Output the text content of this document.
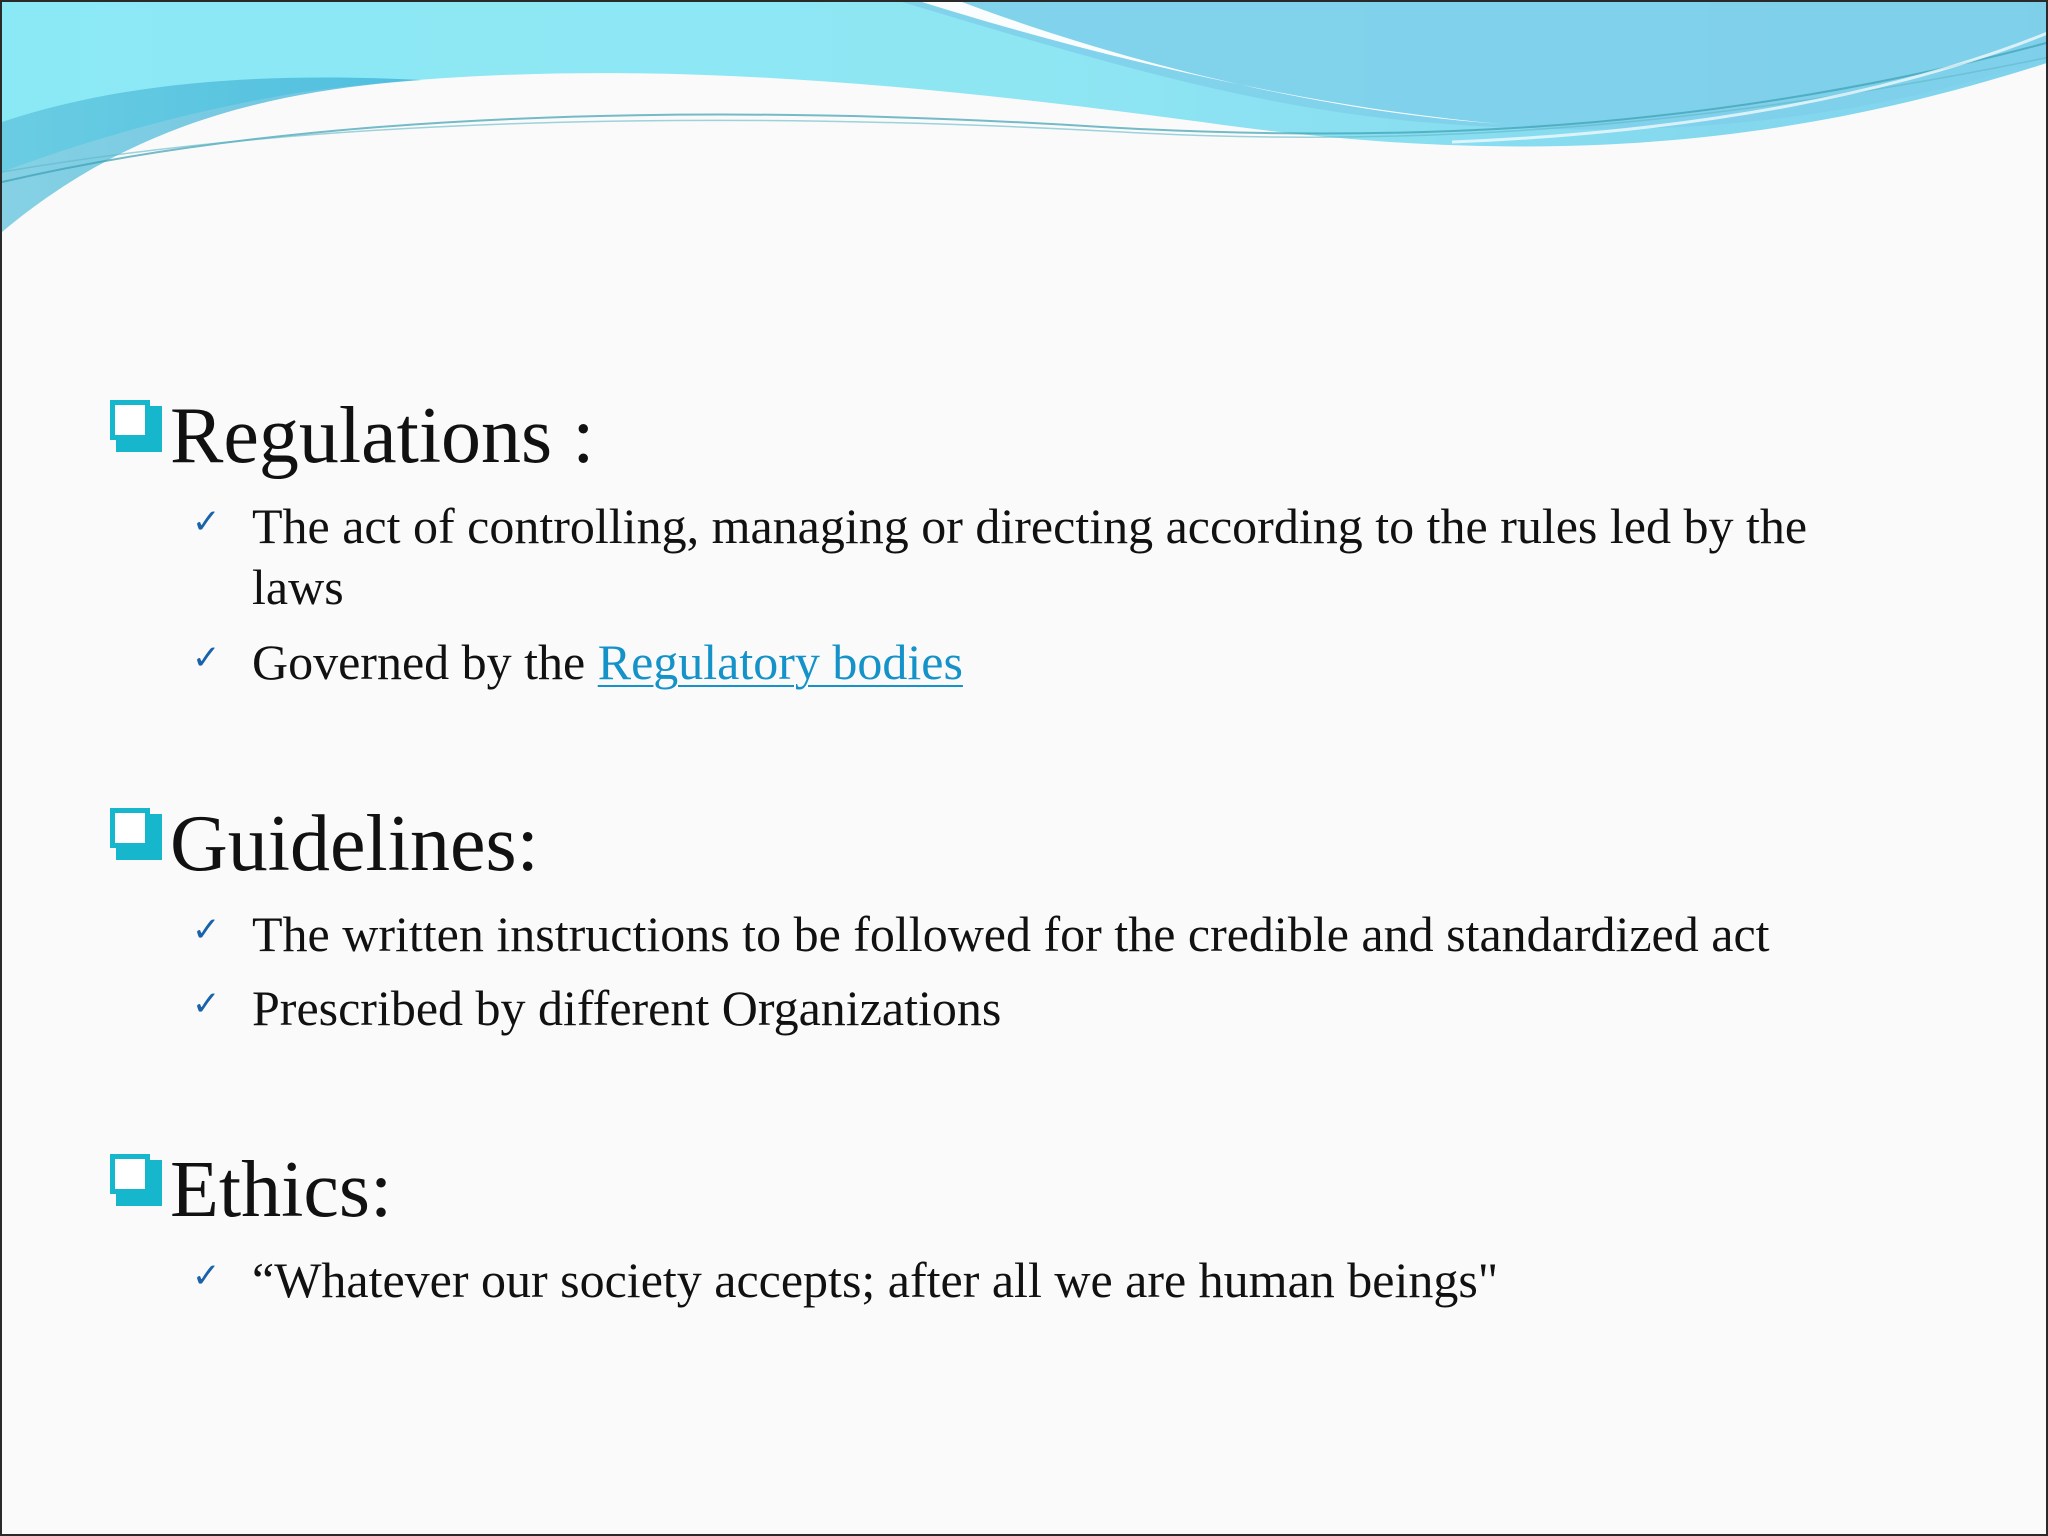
Regulations :
✓ The act of controlling, managing or directing according to the rules led by the laws
✓ Governed by the Regulatory bodies
Guidelines:
✓ The written instructions to be followed for the credible and standardized act
✓ Prescribed by different Organizations
Ethics:
✓ “Whatever our society accepts; after all we are human beings"
